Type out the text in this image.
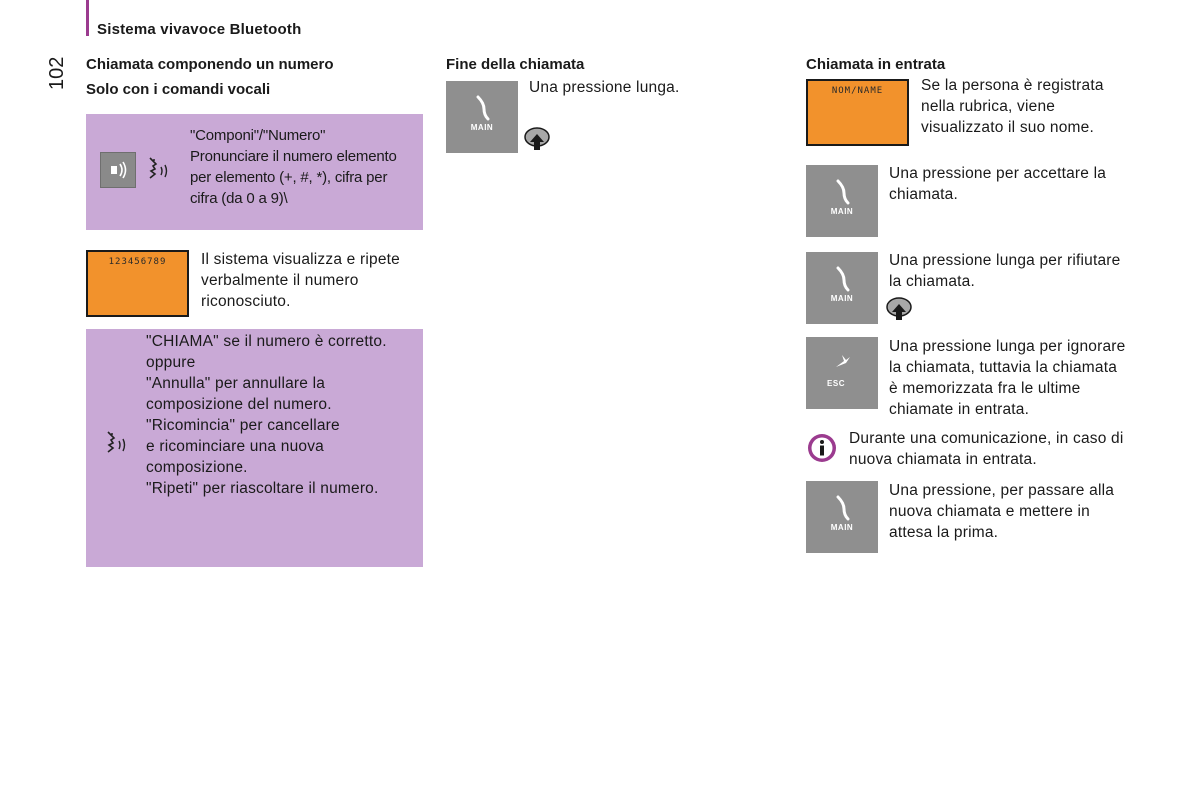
Sistema vivavoce Bluetooth
102	Chiamata componendo un numero
Solo con i comandi vocali
"Componi"/"Numero"
Pronunciare il numero elemento
per elemento (+, #, *), cifra per
cifra (da 0 a 9)\
123456789	Il sistema visualizza e ripete
verbalmente il numero
riconosciuto.
"CHIAMA" se il numero è corretto.
oppure
"Annulla" per annullare la
composizione del numero.
"Ricomincia" per cancellare
e ricominciare una nuova
composizione.
"Ripeti" per riascoltare il numero.
Fine della chiamata
MAIN
Una pressione lunga.
Chiamata in entrata
NOM/NAME	Se la persona è registrata
nella rubrica, viene
visualizzato il suo nome.
MAIN
Una pressione per accettare la
chiamata.
MAIN
Una pressione lunga per rifiutare
la chiamata.
ESC
Una pressione lunga per ignorare
la chiamata, tuttavia la chiamata
è memorizzata fra le ultime
chiamate in entrata.
Durante una comunicazione, in caso di
nuova chiamata in entrata.
MAIN
Una pressione, per passare alla
nuova chiamata e mettere in
attesa la prima.
